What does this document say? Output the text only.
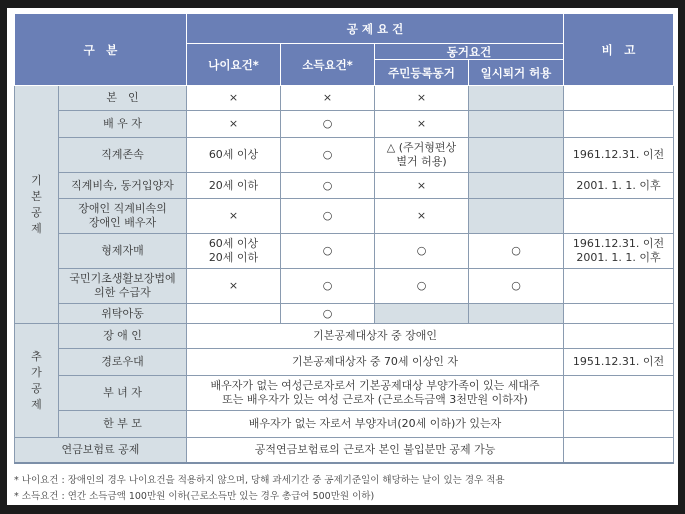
구　분		공 제 요 건				비　고
		나이요건*	소득요건*	동거요건		
				주민등록동거	일시퇴거 허용	
기
본
공
제	본　인	×	×	×		
	배 우 자	×	○	×		
	직계존속	60세 이상	○	△ (주거형편상
별거 허용)		1961.12.31. 이전
	직계비속, 동거입양자	20세 이하	○	×		2001. 1. 1. 이후
	장애인 직계비속의
장애인 배우자	×	○	×		
	형제자매	60세 이상
20세 이하	○	○	○	1961.12.31. 이전
2001. 1. 1. 이후
	국민기초생활보장법에
의한 수급자	×	○	○	○	
	위탁아동		○			
추
가
공
제	장 애 인	기본공제대상자 중 장애인				
	경로우대	기본공제대상자 중 70세 이상인 자				1951.12.31. 이전
	부 녀 자	배우자가 없는 여성근로자로서 기본공제대상 부양가족이 있는 세대주
또는 배우자가 있는 여성 근로자 (근로소득금액 3천만원 이하자)				
	한 부 모	배우자가 없는 자로서 부양자녀(20세 이하)가 있는자				
연금보험료 공제		공적연금보험료의 근로자 본인 불입분만 공제 가능				
* 나이요건 : 장애인의 경우 나이요건을 적용하지 않으며, 당해 과세기간 중 공제기준일이 해당하는 날이 있는 경우 적용
* 소득요건 : 연간 소득금액 100만원 이하(근로소득만 있는 경우 총급여 500만원 이하)
